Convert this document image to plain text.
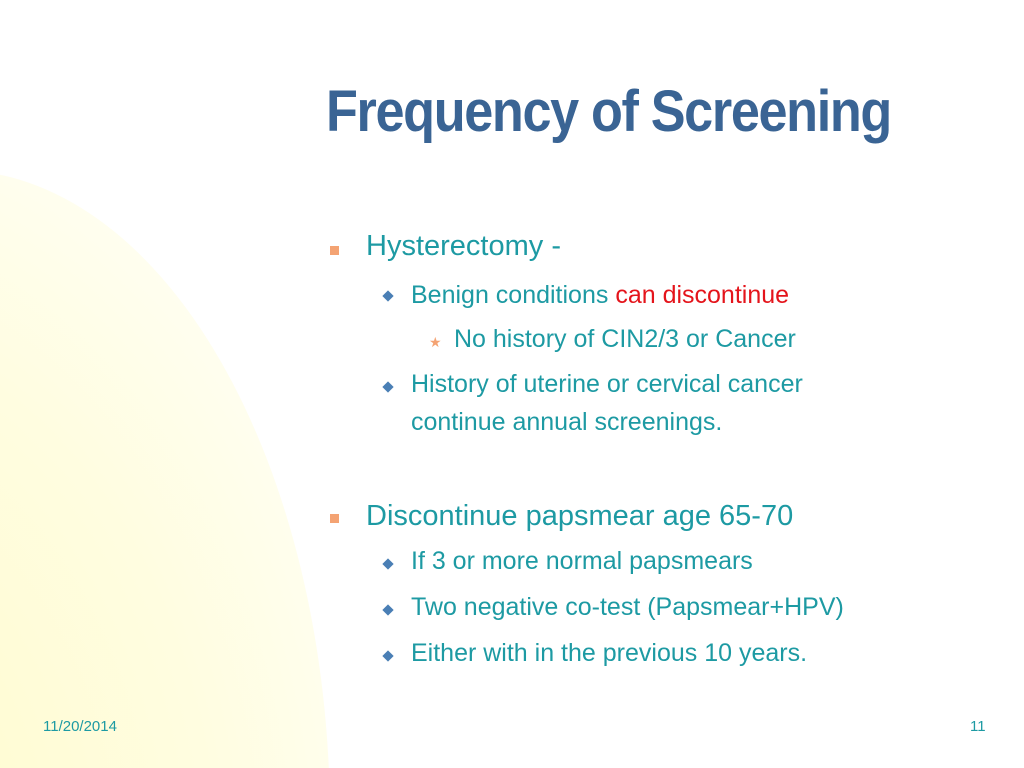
Frequency of Screening
Hysterectomy -
Benign conditions can discontinue
★ No history of CIN2/3 or Cancer
History of uterine or cervical cancer
continue annual screenings.
Discontinue papsmear age 65-70
If 3 or more normal papsmears
Two negative co-test (Papsmear+HPV)
Either with in the previous 10 years.
11/20/2014	11
